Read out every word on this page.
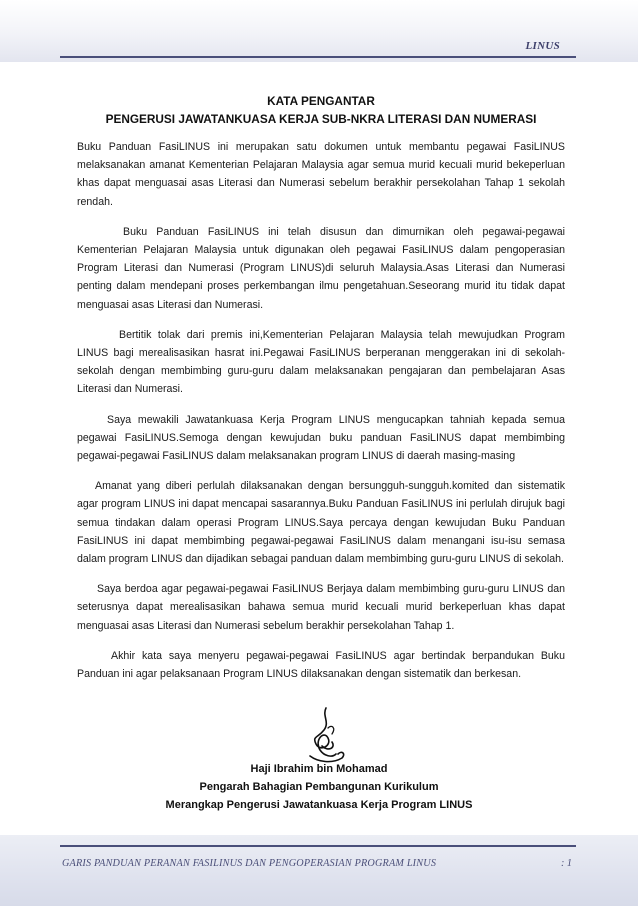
LINUS
KATA PENGANTAR
PENGERUSI JAWATANKUASA KERJA SUB-NKRA LITERASI DAN NUMERASI

Buku Panduan FasiLINUS ini merupakan satu dokumen untuk membantu pegawai FasiLINUS melaksanakan amanat Kementerian Pelajaran Malaysia agar semua murid kecuali murid bekeperluan khas dapat menguasai asas Literasi dan Numerasi sebelum berakhir persekolahan Tahap 1 sekolah rendah.

Buku Panduan FasiLINUS ini telah disusun dan dimurnikan oleh pegawai-pegawai Kementerian Pelajaran Malaysia untuk digunakan oleh pegawai FasiLINUS dalam pengoperasian Program Literasi dan Numerasi (Program LINUS)di seluruh Malaysia.Asas Literasi dan Numerasi penting dalam mendepani proses perkembangan ilmu pengetahuan.Seseorang murid itu tidak dapat menguasai asas Literasi dan Numerasi.

Bertitik tolak dari premis ini,Kementerian Pelajaran Malaysia telah mewujudkan Program LINUS bagi merealisasikan hasrat ini.Pegawai FasiLINUS berperanan menggerakan ini di sekolah-sekolah dengan membimbing guru-guru dalam melaksanakan pengajaran dan pembelajaran Asas Literasi dan Numerasi.

Saya mewakili Jawatankuasa Kerja Program LINUS mengucapkan tahniah kepada semua pegawai FasiLINUS.Semoga dengan kewujudan buku panduan FasiLINUS dapat membimbing pegawai-pegawai FasiLINUS dalam melaksanakan program LINUS di daerah masing-masing

Amanat yang diberi perlulah dilaksanakan dengan bersungguh-sungguh.komited dan sistematik agar program LINUS ini dapat mencapai sasarannya.Buku Panduan FasiLINUS ini perlulah dirujuk bagi semua tindakan dalam operasi Program LINUS.Saya percaya dengan kewujudan Buku Panduan FasiLINUS ini dapat membimbing pegawai-pegawai FasiLINUS dalam menangani isu-isu semasa dalam program LINUS dan dijadikan sebagai panduan dalam membimbing guru-guru LINUS di sekolah.

Saya berdoa agar pegawai-pegawai FasiLINUS Berjaya dalam membimbing guru-guru LINUS dan seterusnya dapat merealisasikan bahawa semua murid kecuali murid berkeperluan khas dapat menguasai asas Literasi dan Numerasi sebelum berakhir persekolahan Tahap 1.

Akhir kata saya menyeru pegawai-pegawai FasiLINUS agar bertindak berpandukan Buku Panduan ini agar pelaksanaan Program LINUS dilaksanakan dengan sistematik dan berkesan.

Haji Ibrahim bin Mohamad
Pengarah Bahagian Pembangunan Kurikulum
Merangkap Pengerusi Jawatankuasa Kerja Program LINUS
GARIS PANDUAN PERANAN FASILINUS DAN PENGOPERASIAN PROGRAM LINUS	: 1
